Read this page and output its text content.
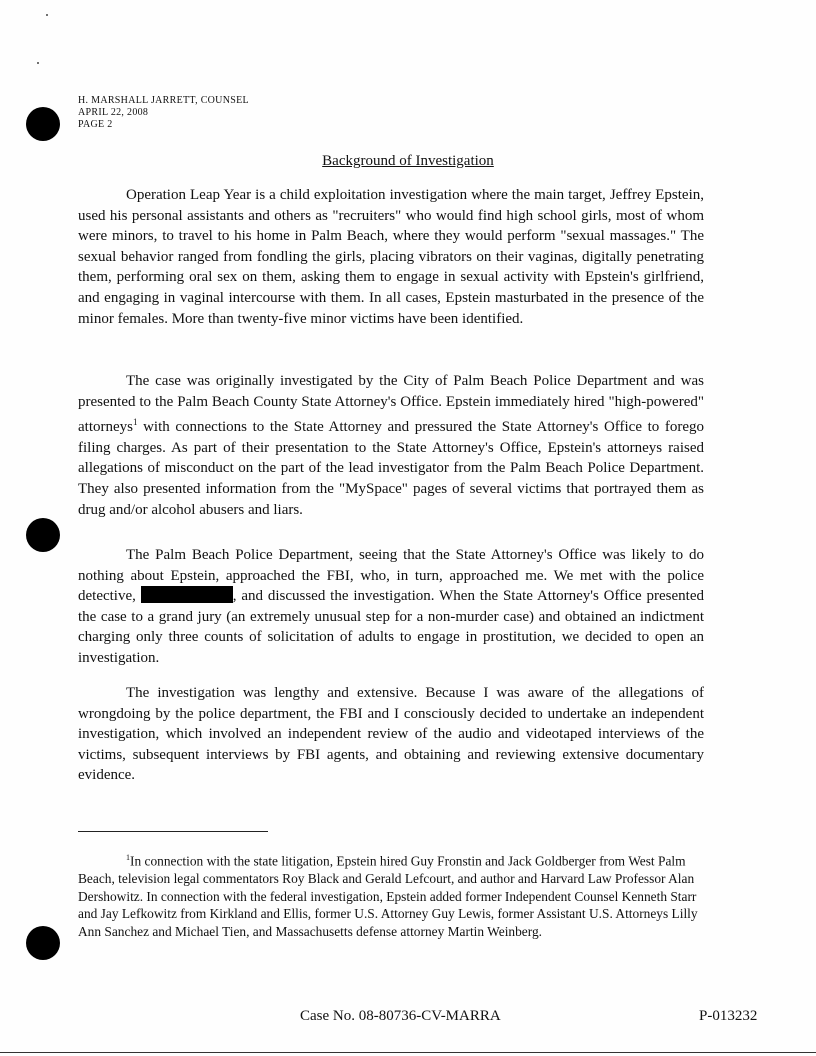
H. MARSHALL JARRETT, COUNSEL
APRIL 22, 2008
PAGE 2
Background of Investigation

Operation Leap Year is a child exploitation investigation where the main target, Jeffrey Epstein, used his personal assistants and others as "recruiters" who would find high school girls, most of whom were minors, to travel to his home in Palm Beach, where they would perform "sexual massages." The sexual behavior ranged from fondling the girls, placing vibrators on their vaginas, digitally penetrating them, performing oral sex on them, asking them to engage in sexual activity with Epstein's girlfriend, and engaging in vaginal intercourse with them. In all cases, Epstein masturbated in the presence of the minor females. More than twenty-five minor victims have been identified.

The case was originally investigated by the City of Palm Beach Police Department and was presented to the Palm Beach County State Attorney's Office. Epstein immediately hired "high-powered" attorneys$^1$ with connections to the State Attorney and pressured the State Attorney's Office to forego filing charges. As part of their presentation to the State Attorney's Office, Epstein's attorneys raised allegations of misconduct on the part of the lead investigator from the Palm Beach Police Department. They also presented information from the "MySpace" pages of several victims that portrayed them as drug and/or alcohol abusers and liars.

The Palm Beach Police Department, seeing that the State Attorney's Office was likely to do nothing about Epstein, approached the FBI, who, in turn, approached me. We met with the police detective,	, and discussed the investigation. When the State Attorney's Office presented the case to a grand jury (an extremely unusual step for a non-murder case) and obtained an indictment charging only three counts of solicitation of adults to engage in prostitution, we decided to open an investigation.

The investigation was lengthy and extensive. Because I was aware of the allegations of wrongdoing by the police department, the FBI and I consciously decided to undertake an independent investigation, which involved an independent review of the audio and videotaped interviews of the victims, subsequent interviews by FBI agents, and obtaining and reviewing extensive documentary evidence.

$^1$In connection with the state litigation, Epstein hired Guy Fronstin and Jack Goldberger from West Palm Beach, television legal commentators Roy Black and Gerald Lefcourt, and author and Harvard Law Professor Alan Dershowitz. In connection with the federal investigation, Epstein added former Independent Counsel Kenneth Starr and Jay Lefkowitz from Kirkland and Ellis, former U.S. Attorney Guy Lewis, former Assistant U.S. Attorneys Lilly Ann Sanchez and Michael Tien, and Massachusetts defense attorney Martin Weinberg.

Case No. 08-80736-CV-MARRA	P-013232
